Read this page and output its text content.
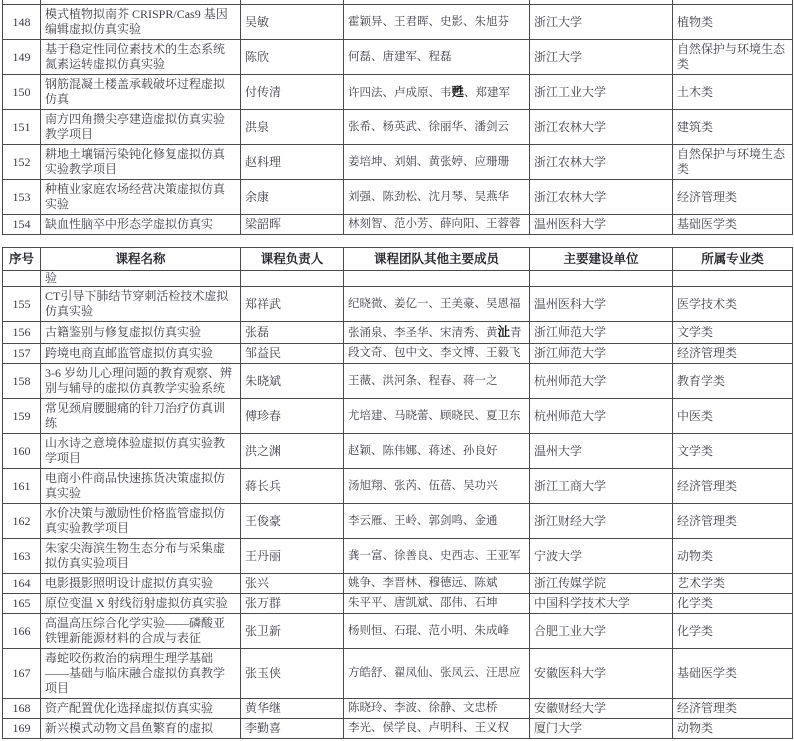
148	模式植物拟南芥 CRISPR/Cas9 基因编辑虚拟仿真实验	吴敏	霍颖异、王君晖、史影、朱旭芬	浙江大学	植物类
149	基于稳定性同位素技术的生态系统氮素运转虚拟仿真实验	陈欣	何磊、唐建军、程磊	浙江大学	自然保护与环境生态类
150	钢筋混凝土楼盖承载破坏过程虚拟仿真	付传清	许四法、卢成原、韦甦、郑建军	浙江工业大学	土木类
151	南方四角攒尖亭建造虚拟仿真实验教学项目	洪泉	张希、杨英武、徐丽华、潘剑云	浙江农林大学	建筑类
152	耕地土壤镉污染钝化修复虚拟仿真实验教学项目	赵科理	姜培坤、刘娟、黄张婷、应珊珊	浙江农林大学	自然保护与环境生态类
153	种植业家庭农场经营决策虚拟仿真实验	余康	刘强、陈劲松、沈月琴、吴燕华	浙江农林大学	经济管理类
154	缺血性脑卒中形态学虚拟仿真实	梁韶晖	林刻智、范小芳、薛向阳、王蓉蓉	温州医科大学	基础医学类
序号	课程名称	课程负责人	课程团队其他主要成员	主要建设单位	所属专业类
	验				
155	CT引导下肺结节穿刺活检技术虚拟仿真实验	郑祥武	纪晓微、姜亿一、王美豪、吴恩福	温州医科大学	医学技术类
156	古籍鉴别与修复虚拟仿真实验	张磊	张涌泉、李圣华、宋清秀、黄沚青	浙江师范大学	文学类
157	跨境电商直邮监管虚拟仿真实验	邹益民	段文奇、包中文、李文博、王毅飞	浙江师范大学	经济管理类
158	3-6 岁幼儿心理问题的教育观察、辨别与辅导的虚拟仿真教学实验系统	朱晓斌	王薇、洪河条、程春、蒋一之	杭州师范大学	教育学类
159	常见颈肩腰腿痛的针刀治疗仿真训练	傅珍春	尤培建、马晓蕾、顾晓民、夏卫东	杭州师范大学	中医类
160	山水诗之意境体验虚拟仿真实验教学项目	洪之渊	赵颖、陈伟娜、蒋述、孙良好	温州大学	文学类
161	电商小件商品快速拣货决策虚拟仿真实验	蒋长兵	汤旭翔、张芮、伍蓓、吴功兴	浙江工商大学	经济管理类
162	水价决策与激励性价格监管虚拟仿真实验教学项目	王俊豪	李云雁、王岭、郭剑鸣、金通	浙江财经大学	经济管理类
163	朱家尖海滨生物生态分布与采集虚拟仿真实验项目	王丹丽	龚一富、徐善良、史西志、王亚军	宁波大学	动物类
164	电影摄影照明设计虚拟仿真实验	张兴	姚争、李晋林、穆德远、陈斌	浙江传媒学院	艺术学类
165	原位变温 X 射线衍射虚拟仿真实验	张万群	朱平平、唐凯斌、邵伟、石坤	中国科学技术大学	化学类
166	高温高压综合化学实验——磷酸亚铁锂新能源材料的合成与表征	张卫新	杨则恒、石琨、范小明、朱成峰	合肥工业大学	化学类
167	毒蛇咬伤救治的病理生理学基础——基础与临床融合虚拟仿真教学项目	张玉侠	方皓舒、翟凤仙、张凤云、汪思应	安徽医科大学	基础医学类
168	资产配置优化选择虚拟仿真实验	黄华继	陈晓玲、李波、徐静、文忠桥	安徽财经大学	经济管理类
169	新兴模式动物文昌鱼繁育的虚拟	李勤喜	李光、侯学良、卢明科、王义权	厦门大学	动物类
